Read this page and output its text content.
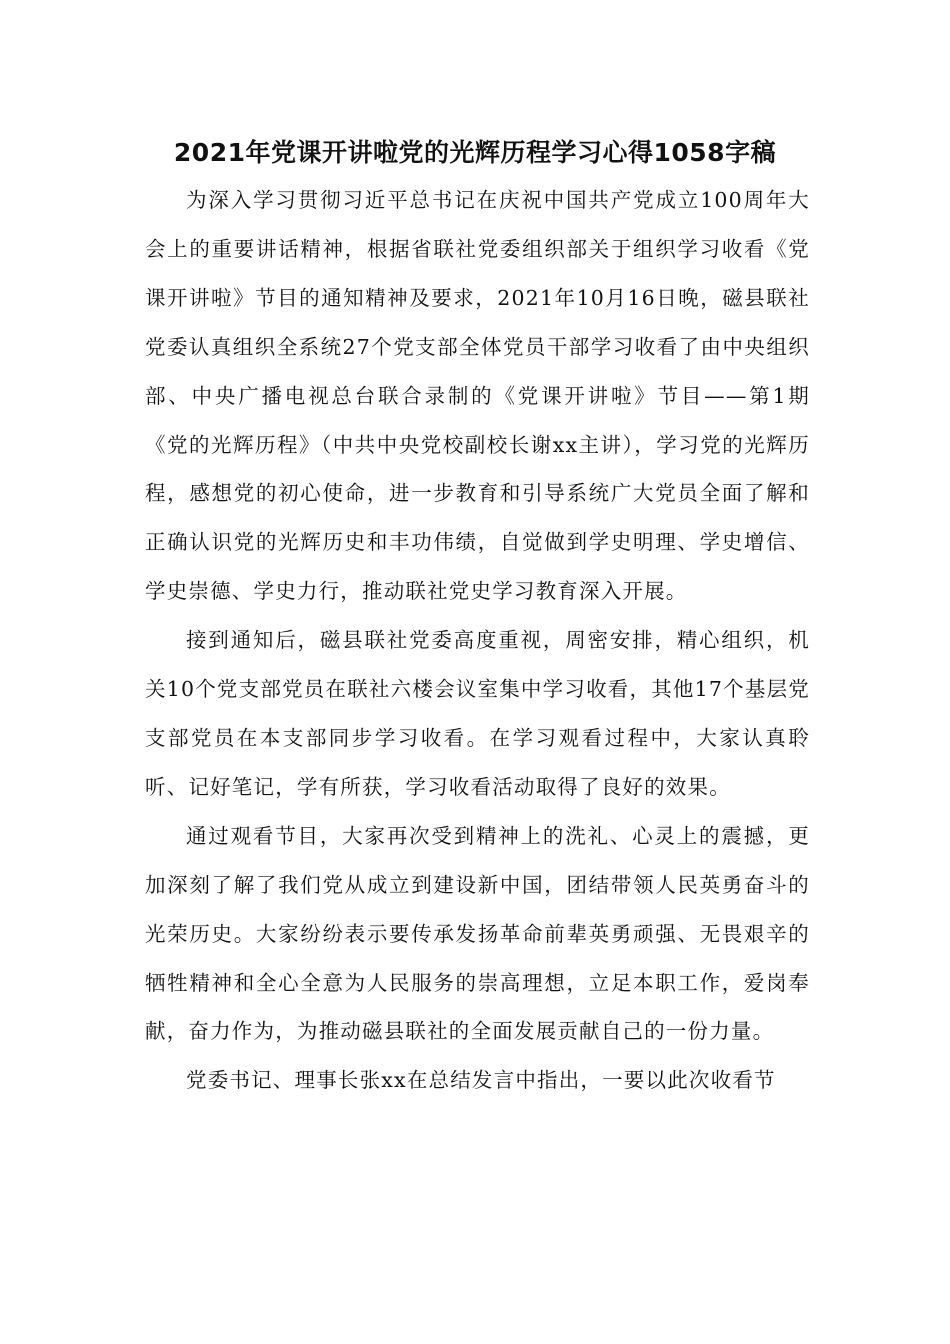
2021年党课开讲啦党的光辉历程学习心得1058字稿

为深入学习贯彻习近平总书记在庆祝中国共产党成立100周年大会上的重要讲话精神，根据省联社党委组织部关于组织学习收看《党课开讲啦》节目的通知精神及要求，2021年10月16日晚，磁县联社党委认真组织全系统27个党支部全体党员干部学习收看了由中央组织部、中央广播电视总台联合录制的《党课开讲啦》节目——第1期《党的光辉历程》（中共中央党校副校长谢xx主讲），学习党的光辉历程，感想党的初心使命，进一步教育和引导系统广大党员全面了解和正确认识党的光辉历史和丰功伟绩，自觉做到学史明理、学史增信、学史崇德、学史力行，推动联社党史学习教育深入开展。

接到通知后，磁县联社党委高度重视，周密安排，精心组织，机关10个党支部党员在联社六楼会议室集中学习收看，其他17个基层党支部党员在本支部同步学习收看。在学习观看过程中，大家认真聆听、记好笔记，学有所获，学习收看活动取得了良好的效果。

通过观看节目，大家再次受到精神上的洗礼、心灵上的震撼，更加深刻了解了我们党从成立到建设新中国，团结带领人民英勇奋斗的光荣历史。大家纷纷表示要传承发扬革命前辈英勇顽强、无畏艰辛的牺牲精神和全心全意为人民服务的崇高理想，立足本职工作，爱岗奉献，奋力作为，为推动磁县联社的全面发展贡献自己的一份力量。

党委书记、理事长张xx在总结发言中指出，一要以此次收看节
